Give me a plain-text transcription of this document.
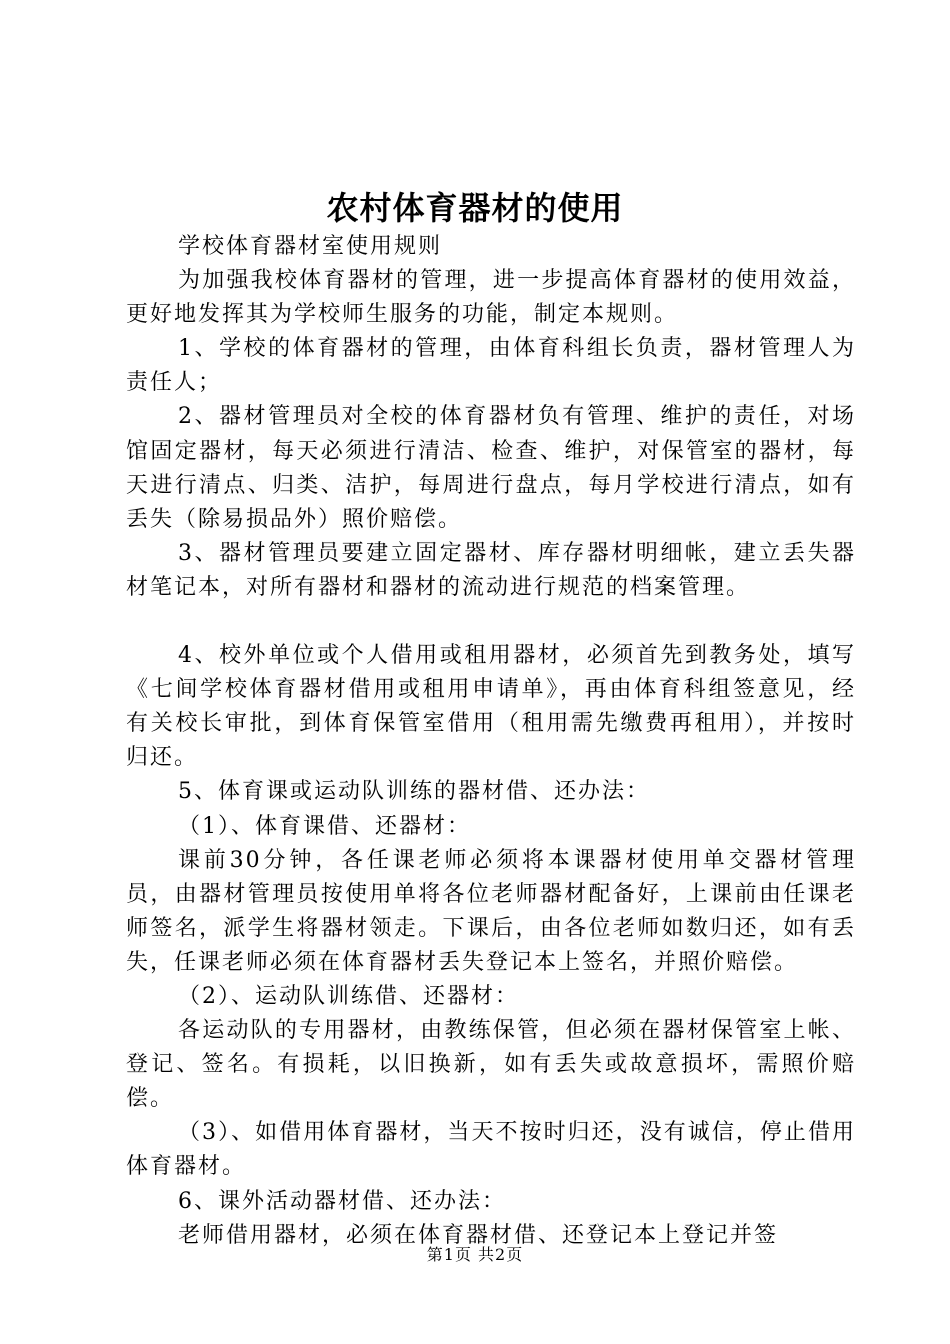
农村体育器材的使用

学校体育器材室使用规则

为加强我校体育器材的管理，进一步提高体育器材的使用效益，更好地发挥其为学校师生服务的功能，制定本规则。

1、学校的体育器材的管理，由体育科组长负责，器材管理人为责任人；

2、器材管理员对全校的体育器材负有管理、维护的责任，对场馆固定器材，每天必须进行清洁、检查、维护，对保管室的器材，每天进行清点、归类、洁护，每周进行盘点，每月学校进行清点，如有丢失（除易损品外）照价赔偿。

3、器材管理员要建立固定器材、库存器材明细帐，建立丢失器材笔记本，对所有器材和器材的流动进行规范的档案管理。

4、校外单位或个人借用或租用器材，必须首先到教务处，填写《七间学校体育器材借用或租用申请单》，再由体育科组签意见，经有关校长审批，到体育保管室借用（租用需先缴费再租用），并按时归还。

5、体育课或运动队训练的器材借、还办法：

（1）、体育课借、还器材：

课前30分钟，各任课老师必须将本课器材使用单交器材管理员，由器材管理员按使用单将各位老师器材配备好，上课前由任课老师签名，派学生将器材领走。下课后，由各位老师如数归还，如有丢失，任课老师必须在体育器材丢失登记本上签名，并照价赔偿。

（2）、运动队训练借、还器材：

各运动队的专用器材，由教练保管，但必须在器材保管室上帐、登记、签名。有损耗，以旧换新，如有丢失或故意损坏，需照价赔偿。

（3）、如借用体育器材，当天不按时归还，没有诚信，停止借用体育器材。

6、课外活动器材借、还办法：

老师借用器材，必须在体育器材借、还登记本上登记并签

第1页 共2页
